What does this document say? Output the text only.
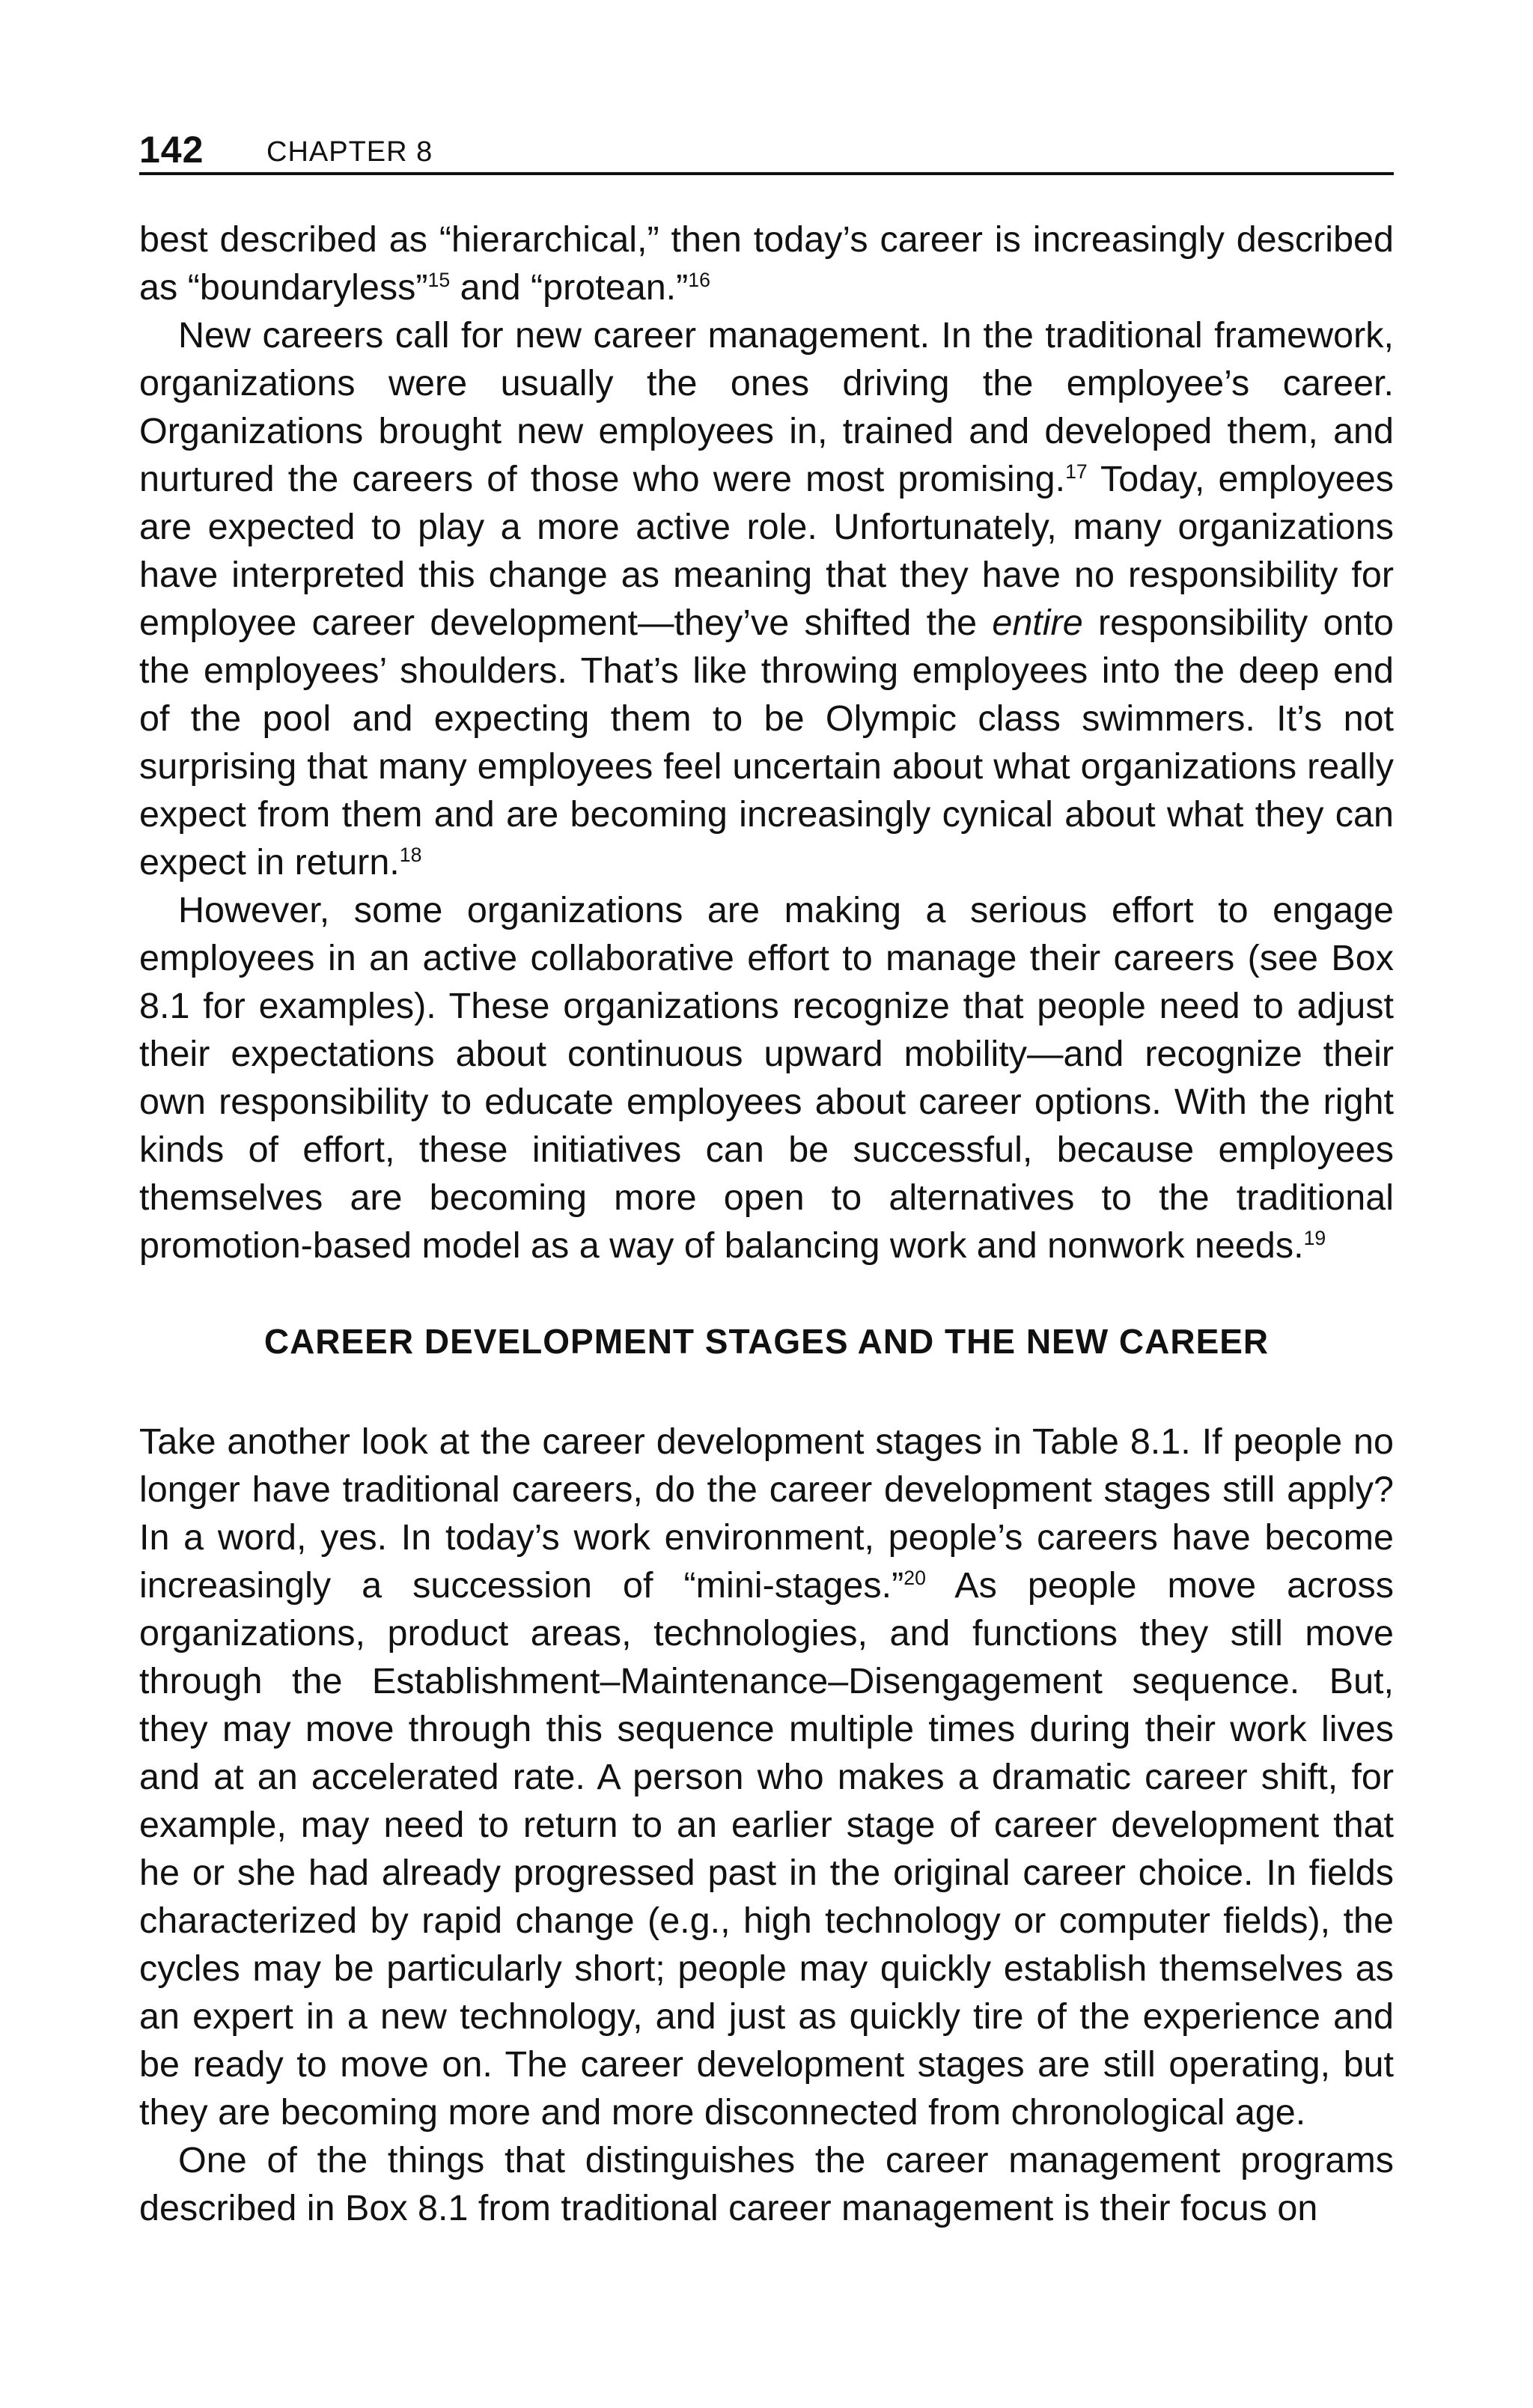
142 CHAPTER 8

best described as “hierarchical,” then today’s career is increasingly described as “boundaryless”$^{15}$ and “protean.”$^{16}$

New careers call for new career management. In the traditional framework, organizations were usually the ones driving the employee’s career. Organizations brought new employees in, trained and developed them, and nurtured the careers of those who were most promising.$^{17}$ Today, employees are expected to play a more active role. Unfortunately, many organizations have interpreted this change as meaning that they have no responsibility for employee career development—they’ve shifted the entire responsibility onto the employees’ shoulders. That’s like throwing employees into the deep end of the pool and expecting them to be Olympic class swimmers. It’s not surprising that many employees feel uncertain about what organizations really expect from them and are becoming increasingly cynical about what they can expect in return.$^{18}$

However, some organizations are making a serious effort to engage employees in an active collaborative effort to manage their careers (see Box 8.1 for examples). These organizations recognize that people need to adjust their expectations about continuous upward mobility—and recognize their own responsibility to educate employees about career options. With the right kinds of effort, these initiatives can be successful, because employees themselves are becoming more open to alternatives to the traditional promotion-based model as a way of balancing work and nonwork needs.$^{19}$

CAREER DEVELOPMENT STAGES AND THE NEW CAREER

Take another look at the career development stages in Table 8.1. If people no longer have traditional careers, do the career development stages still apply? In a word, yes. In today’s work environment, people’s careers have become increasingly a succession of “mini-stages.”$^{20}$ As people move across organizations, product areas, technologies, and functions they still move through the Establishment–Maintenance–Disengagement sequence. But, they may move through this sequence multiple times during their work lives and at an accelerated rate. A person who makes a dramatic career shift, for example, may need to return to an earlier stage of career development that he or she had already progressed past in the original career choice. In fields characterized by rapid change (e.g., high technology or computer fields), the cycles may be particularly short; people may quickly establish themselves as an expert in a new technology, and just as quickly tire of the experience and be ready to move on. The career development stages are still operating, but they are becoming more and more disconnected from chronological age.

One of the things that distinguishes the career management programs described in Box 8.1 from traditional career management is their focus on
